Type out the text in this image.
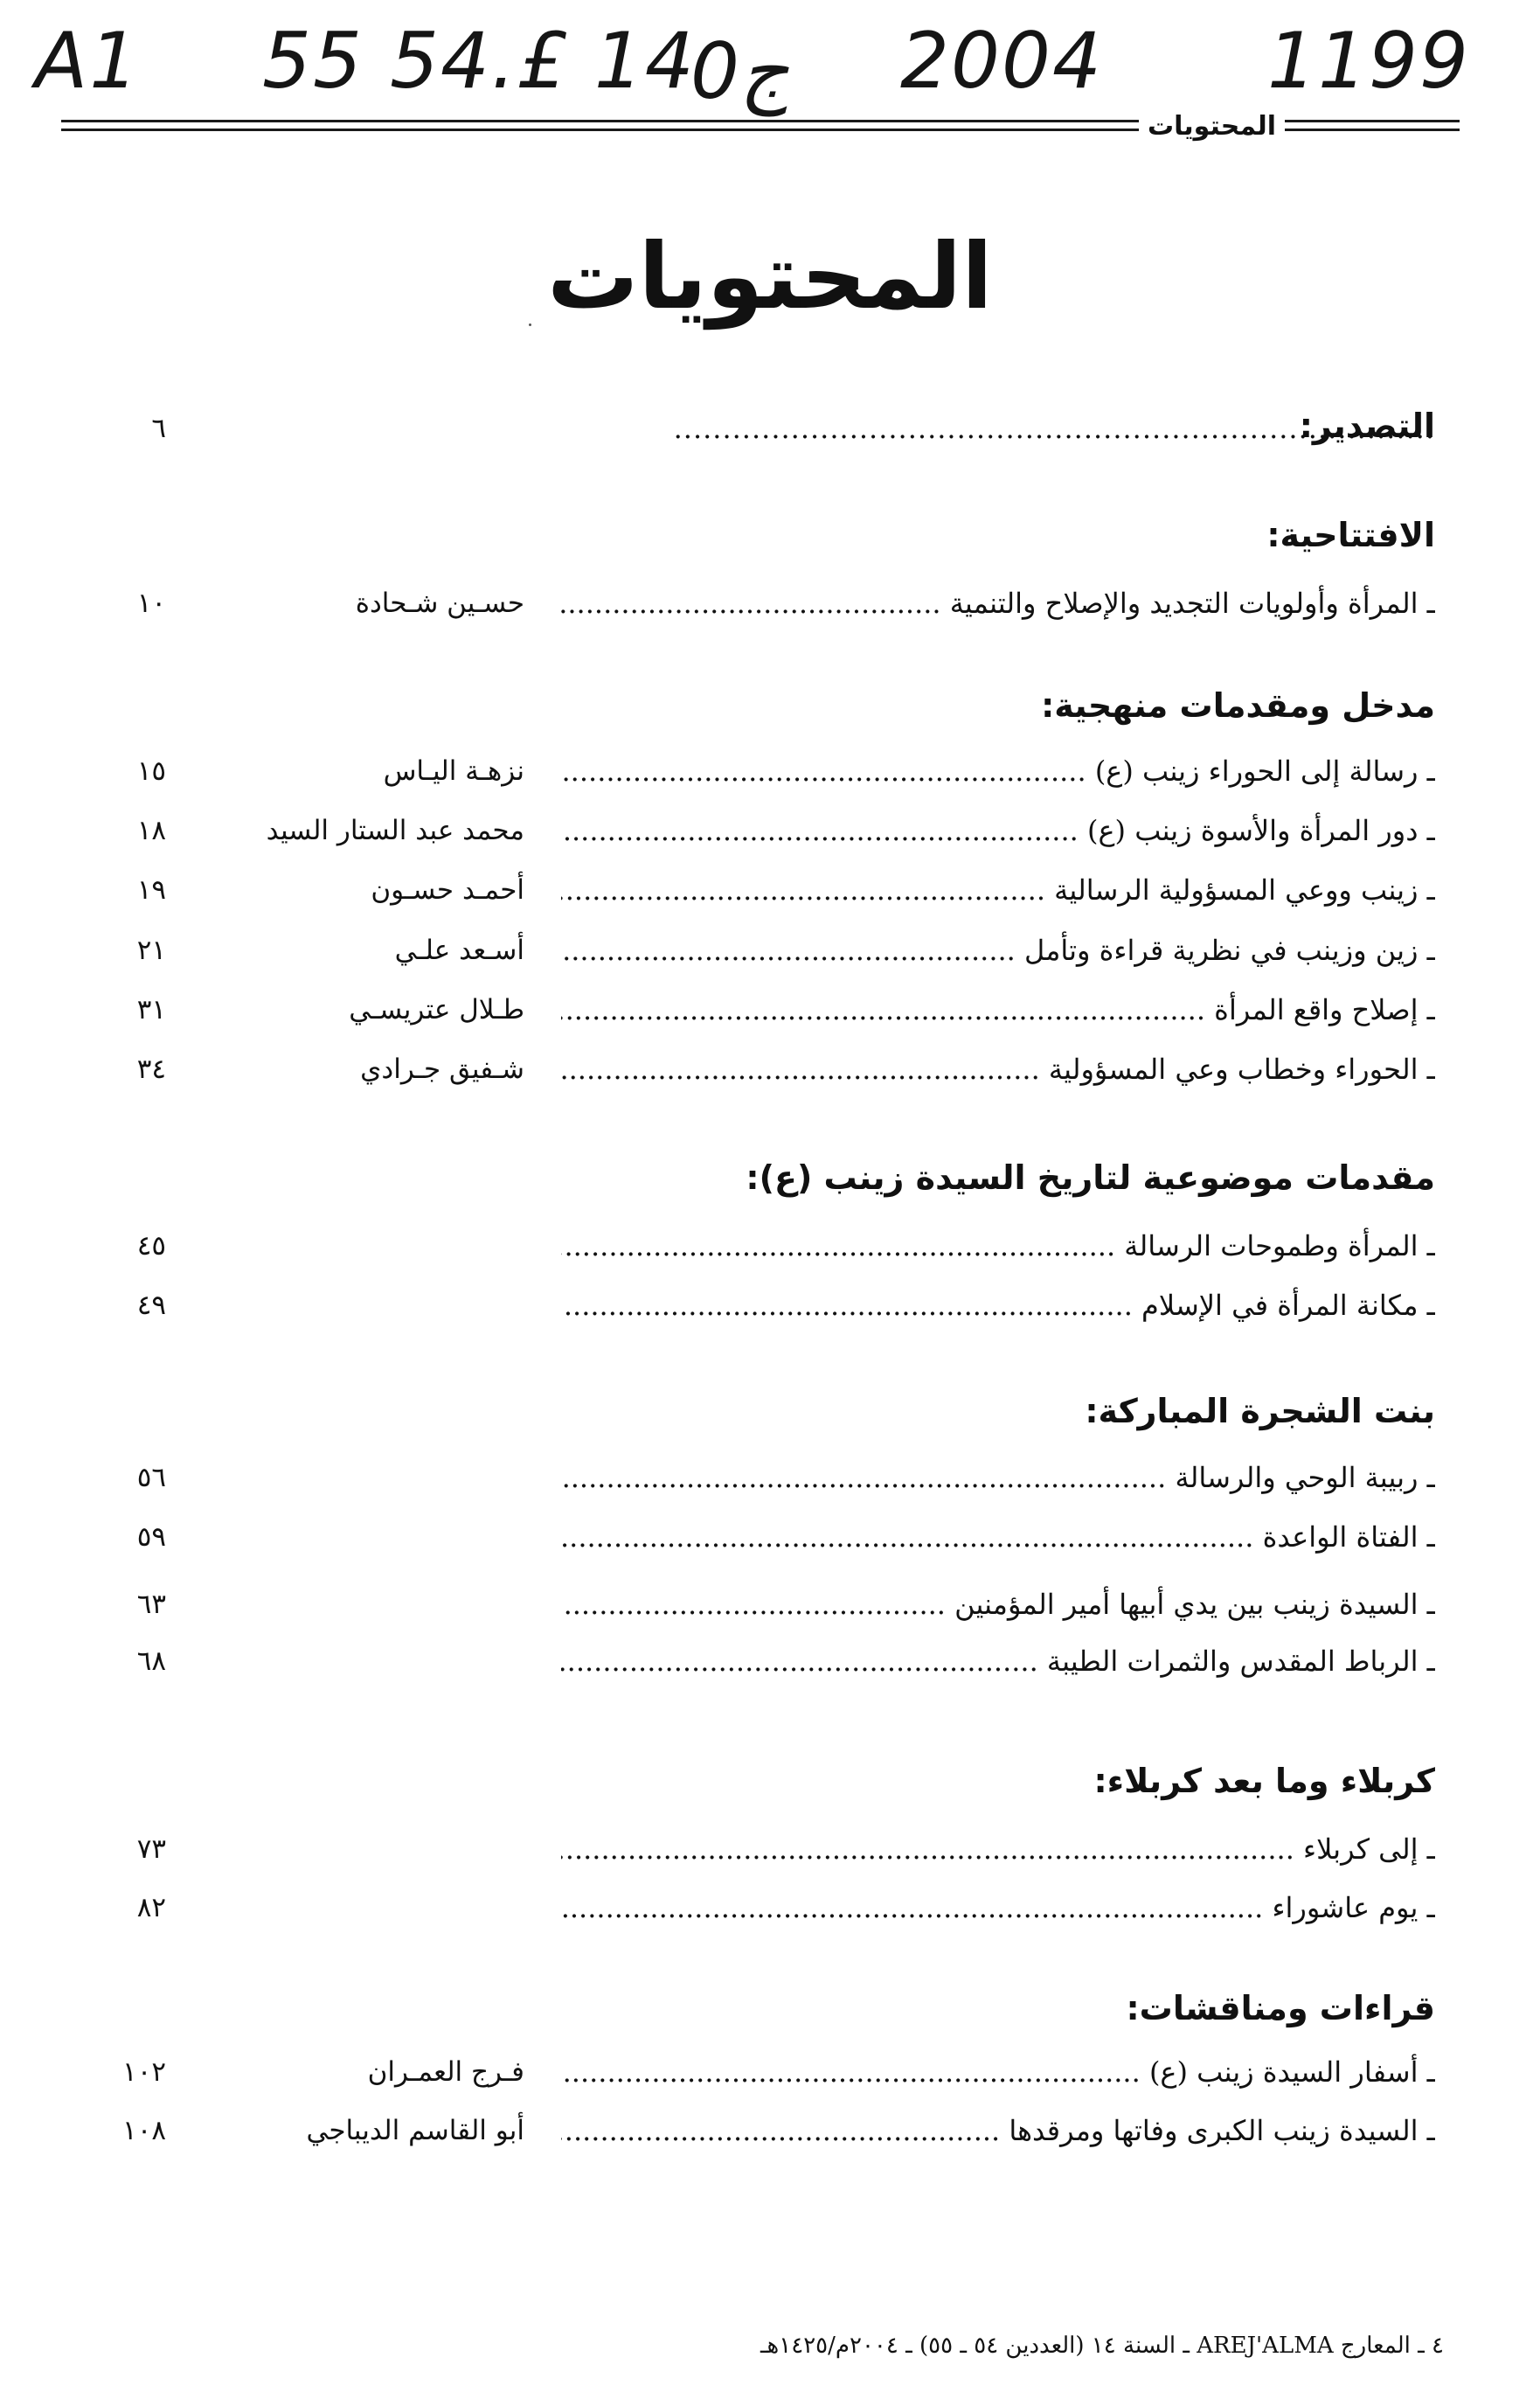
A1 55 54.£ 14
ج0 2004 1199
المحتويات
المحتويات
التصدير:
.....
٦
الافتتاحية:
ـ المرأة وأولويات التجديد والإصلاح والتنمية .....
حسـين شـحادة
١٠
مدخل ومقدمات منهجية:
ـ رسالة إلى الحوراء زينب (ع) .....
نزهـة اليـاس
١٥
ـ دور المرأة والأسوة زينب (ع) .....
محمد عبد الستار السيد
١٨
ـ زينب ووعي المسؤولية الرسالية .....
أحمـد حسـون
١٩
ـ زين وزينب في نظرية قراءة وتأمل .....
أسـعد علـي
٢١
ـ إصلاح واقع المرأة .....
طـلال عتريسـي
٣١
ـ الحوراء وخطاب وعي المسؤولية .....
شـفيق جـرادي
٣٤
مقدمات موضوعية لتاريخ السيدة زينب (ع):
ـ المرأة وطموحات الرسالة .....
٤٥
ـ مكانة المرأة في الإسلام .....
٤٩
بنت الشجرة المباركة:
ـ ربيبة الوحي والرسالة .....
٥٦
ـ الفتاة الواعدة .....
٥٩
ـ السيدة زينب بين يدي أبيها أمير المؤمنين .....
٦٣
ـ الرباط المقدس والثمرات الطيبة .....
٦٨
كربلاء وما بعد كربلاء:
ـ إلى كربلاء .....
٧٣
ـ يوم عاشوراء .....
٨٢
قراءات ومناقشات:
ـ أسفار السيدة زينب (ع) .....
فـرج العمـران
١٠٢
ـ السيدة زينب الكبرى وفاتها ومرقدها .....
أبو القاسم الديباجي
١٠٨
٤ ـ المعارج AREJ'ALMA ـ السنة ١٤ (العددين ٥٤ ـ ٥٥) ـ ٢٠٠٤م/١٤٢٥هـ
